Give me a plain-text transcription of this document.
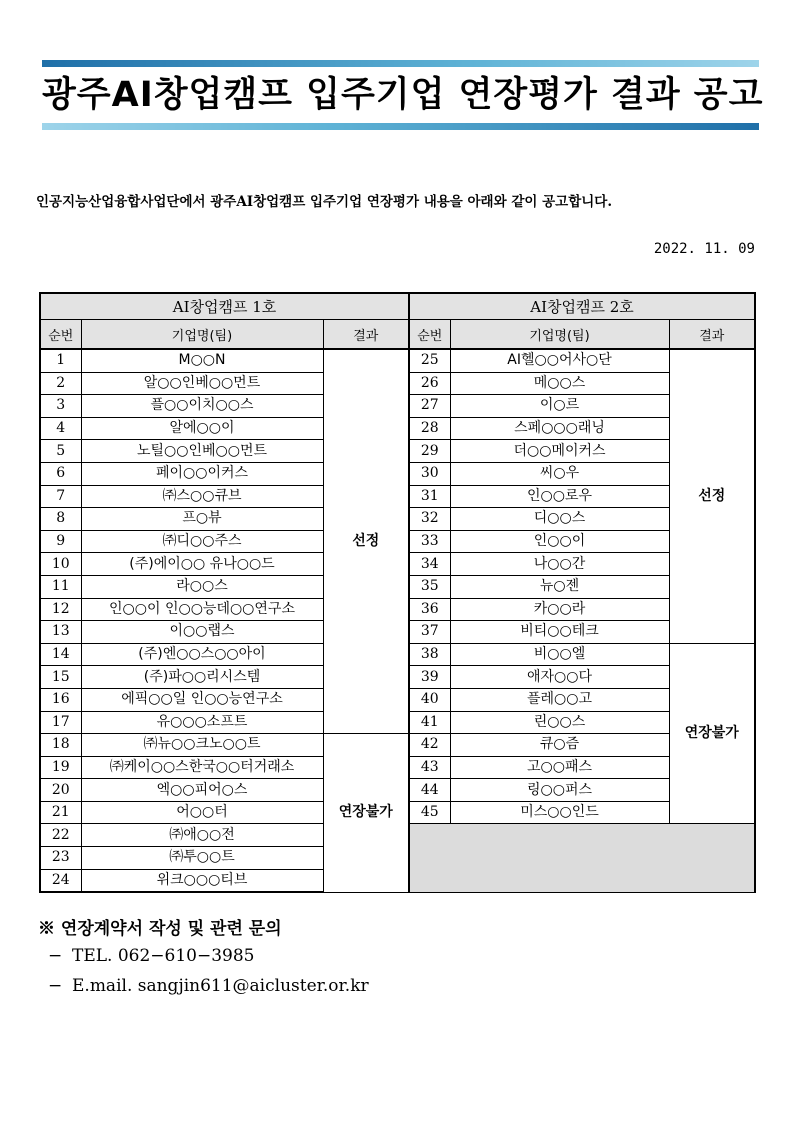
광주AI창업캠프 입주기업 연장평가 결과 공고
인공지능산업융합사업단에서 광주AI창업캠프 입주기업 연장평가 내용을 아래와 같이 공고합니다.
2022. 11. 09
AI창업캠프 1호			AI창업캠프 2호		
순번	기업명(팀)	결과	순번	기업명(팀)	결과
1	M○○N	선정	25	AI헬○○어사○단	선정
2	알○○인베○○먼트		26	메○○스	
3	플○○이치○○스		27	이○르	
4	알에○○이		28	스페○○○래닝	
5	노틸○○인베○○먼트		29	더○○메이커스	
6	페이○○이커스		30	씨○우	
7	㈜스○○큐브		31	인○○로우	
8	프○뷰		32	디○○스	
9	㈜디○○주스		33	인○○이	
10	(주)에이○○ 유나○○드		34	나○○간	
11	라○○스		35	뉴○젠	
12	인○○이 인○○능데○○연구소		36	카○○라	
13	이○○랩스		37	비티○○테크	
14	(주)엔○○스○○아이		38	비○○엘	연장불가
15	(주)파○○리시스템		39	애자○○다	
16	에픽○○일 인○○능연구소		40	플레○○고	
17	유○○○소프트		41	린○○스	
18	㈜뉴○○크노○○트	연장불가	42	큐○즘	
19	㈜케이○○스한국○○터거래소		43	고○○패스	
20	엑○○피어○스		44	링○○퍼스	
21	어○○터		45	미스○○인드	
22	㈜애○○전				
23	㈜투○○트				
24	위크○○○티브				
※ 연장계약서 작성 및 관련 문의
− TEL. 062−610−3985
− E.mail. sangjin611@aicluster.or.kr
